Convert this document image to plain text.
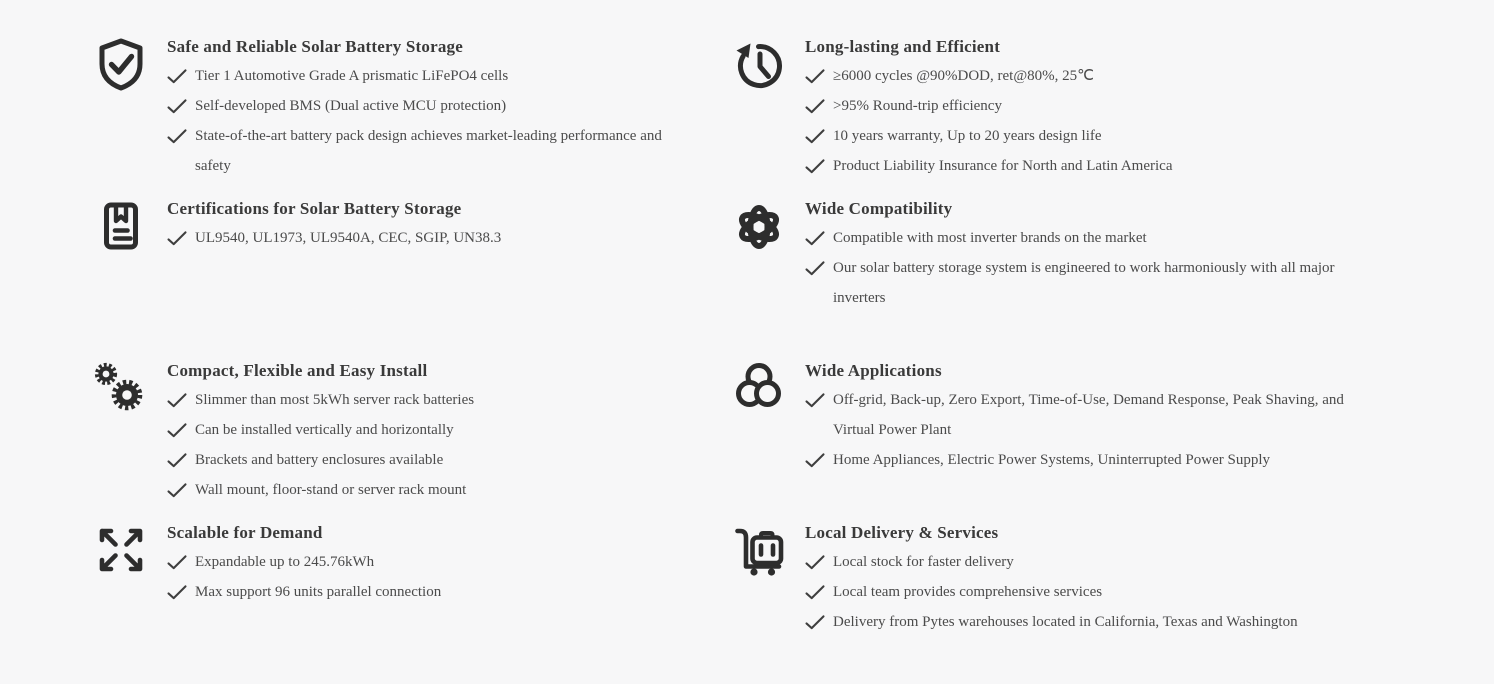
Safe and Reliable Solar Battery Storage
Tier 1 Automotive Grade A prismatic LiFePO4 cells
Self-developed BMS (Dual active MCU protection)
State-of-the-art battery pack design achieves market-leading performance and safety
Long-lasting and Efficient
≥6000 cycles @90%DOD, ret@80%, 25℃
>95% Round-trip efficiency
10 years warranty, Up to 20 years design life
Product Liability Insurance for North and Latin America
Certifications for Solar Battery Storage
UL9540, UL1973, UL9540A, CEC, SGIP, UN38.3
Wide Compatibility
Compatible with most inverter brands on the market
Our solar battery storage system is engineered to work harmoniously with all major inverters
Compact, Flexible and Easy Install
Slimmer than most 5kWh server rack batteries
Can be installed vertically and horizontally
Brackets and battery enclosures available
Wall mount, floor-stand or server rack mount
Wide Applications
Off-grid, Back-up, Zero Export, Time-of-Use, Demand Response, Peak Shaving, and Virtual Power Plant
Home Appliances, Electric Power Systems, Uninterrupted Power Supply
Scalable for Demand
Expandable up to 245.76kWh
Max support 96 units parallel connection
Local Delivery & Services
Local stock for faster delivery
Local team provides comprehensive services
Delivery from Pytes warehouses located in California, Texas and Washington
